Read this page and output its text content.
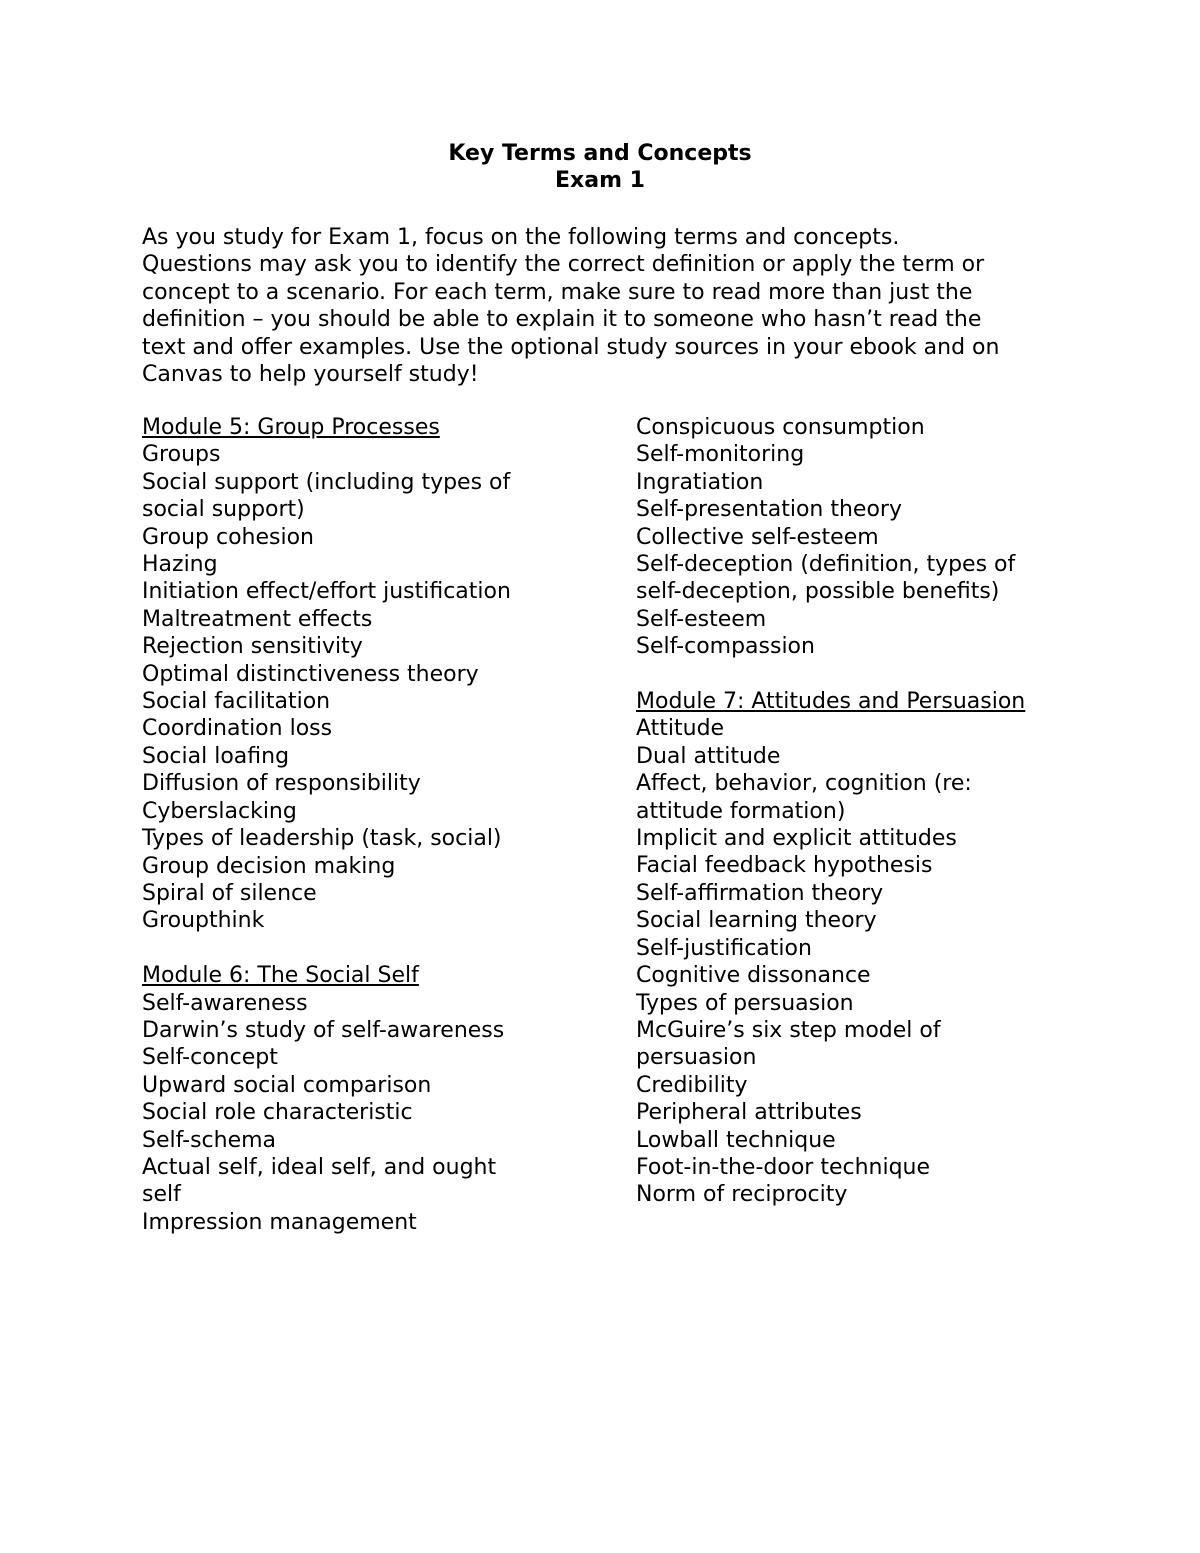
Key Terms and Concepts
Exam 1
As you study for Exam 1, focus on the following terms and concepts.
Questions may ask you to identify the correct definition or apply the term or
concept to a scenario. For each term, make sure to read more than just the
definition – you should be able to explain it to someone who hasn’t read the
text and offer examples. Use the optional study sources in your ebook and on
Canvas to help yourself study!
Module 5: Group Processes
Groups
Social support (including types of
social support)
Group cohesion
Hazing
Initiation effect/effort justification
Maltreatment effects
Rejection sensitivity
Optimal distinctiveness theory
Social facilitation
Coordination loss
Social loafing
Diffusion of responsibility
Cyberslacking
Types of leadership (task, social)
Group decision making
Spiral of silence
Groupthink
Module 6: The Social Self
Self-awareness
Darwin’s study of self-awareness
Self-concept
Upward social comparison
Social role characteristic
Self-schema
Actual self, ideal self, and ought
self
Impression management
Conspicuous consumption
Self-monitoring
Ingratiation
Self-presentation theory
Collective self-esteem
Self-deception (definition, types of
self-deception, possible benefits)
Self-esteem
Self-compassion
Module 7: Attitudes and Persuasion
Attitude
Dual attitude
Affect, behavior, cognition (re:
attitude formation)
Implicit and explicit attitudes
Facial feedback hypothesis
Self-affirmation theory
Social learning theory
Self-justification
Cognitive dissonance
Types of persuasion
McGuire’s six step model of
persuasion
Credibility
Peripheral attributes
Lowball technique
Foot-in-the-door technique
Norm of reciprocity
